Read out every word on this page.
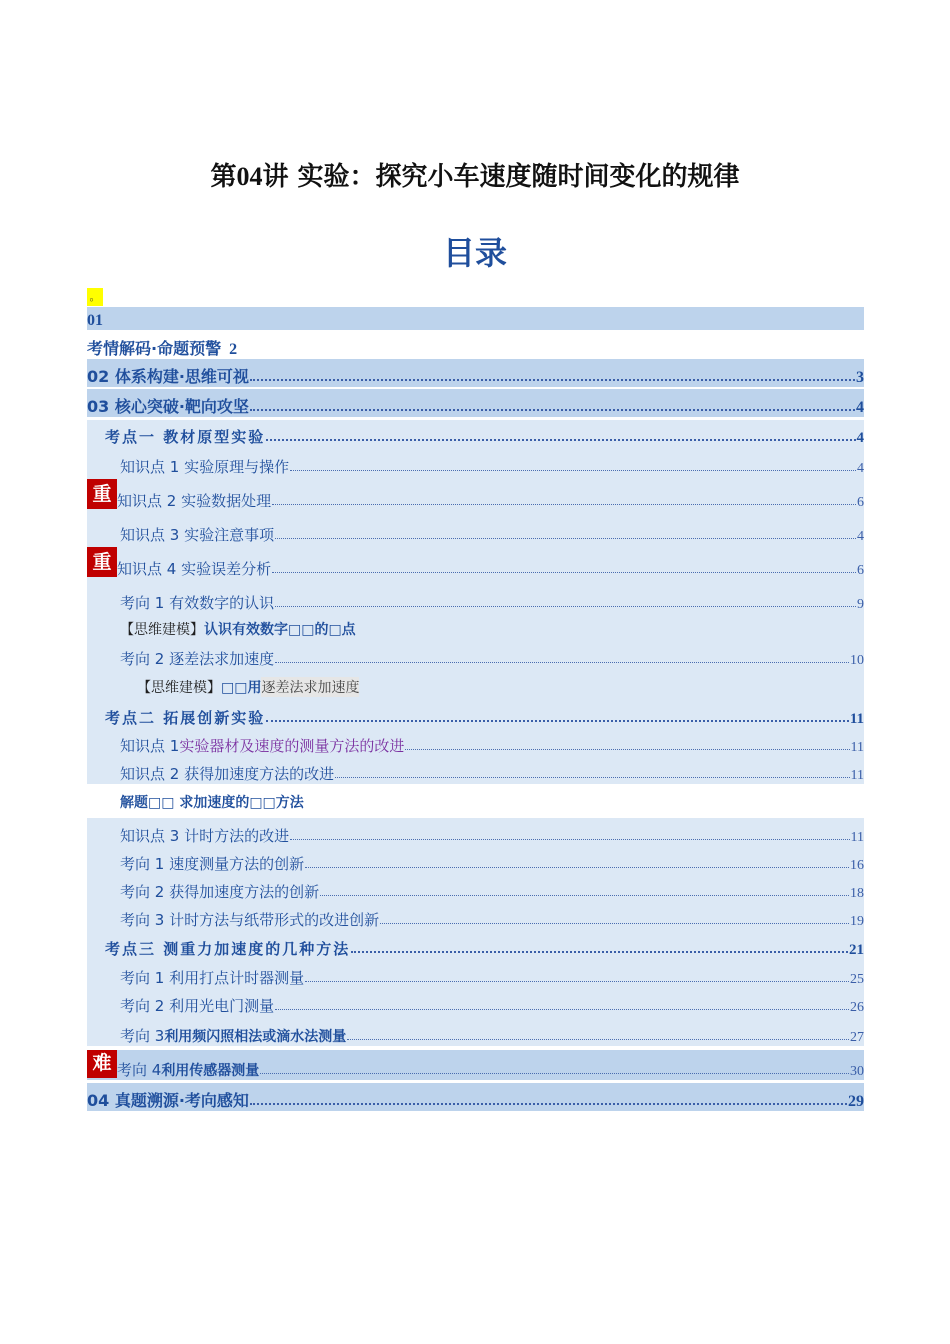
第04讲 实验：探究小车速度随时间变化的规律
目录
。
01
考情解码·命题预警 2
02 体系构建·思维可视	3
03 核心突破·靶向攻坚	4
考点一 教材原型实验	4
知识点 1 实验原理与操作	4
重 知识点 2 实验数据处理	6
知识点 3 实验注意事项	4
重 知识点 4 实验误差分析	6
考向 1 有效数字的认识	9
【思维建模】 认识有效数字□□的□点
考向 2 逐差法求加速度	10
【思维建模】 □□用 逐差法求加速度
考点二 拓展创新实验	11
知识点 1 实验器材及速度的测量方法的改进	11
知识点 2 获得加速度方法的改进	11
解题□□ 求加速度的□□方法
知识点 3 计时方法的改进	11
考向 1 速度测量方法的创新	16
考向 2 获得加速度方法的创新	18
考向 3 计时方法与纸带形式的改进创新	19
考点三 测重力加速度的几种方法	21
考向 1 利用打点计时器测量	25
考向 2 利用光电门测量	26
考向 3 利用频闪照相法或滴水法测量	27
难 考向 4 利用传感器测量	30
04 真题溯源·考向感知	29
